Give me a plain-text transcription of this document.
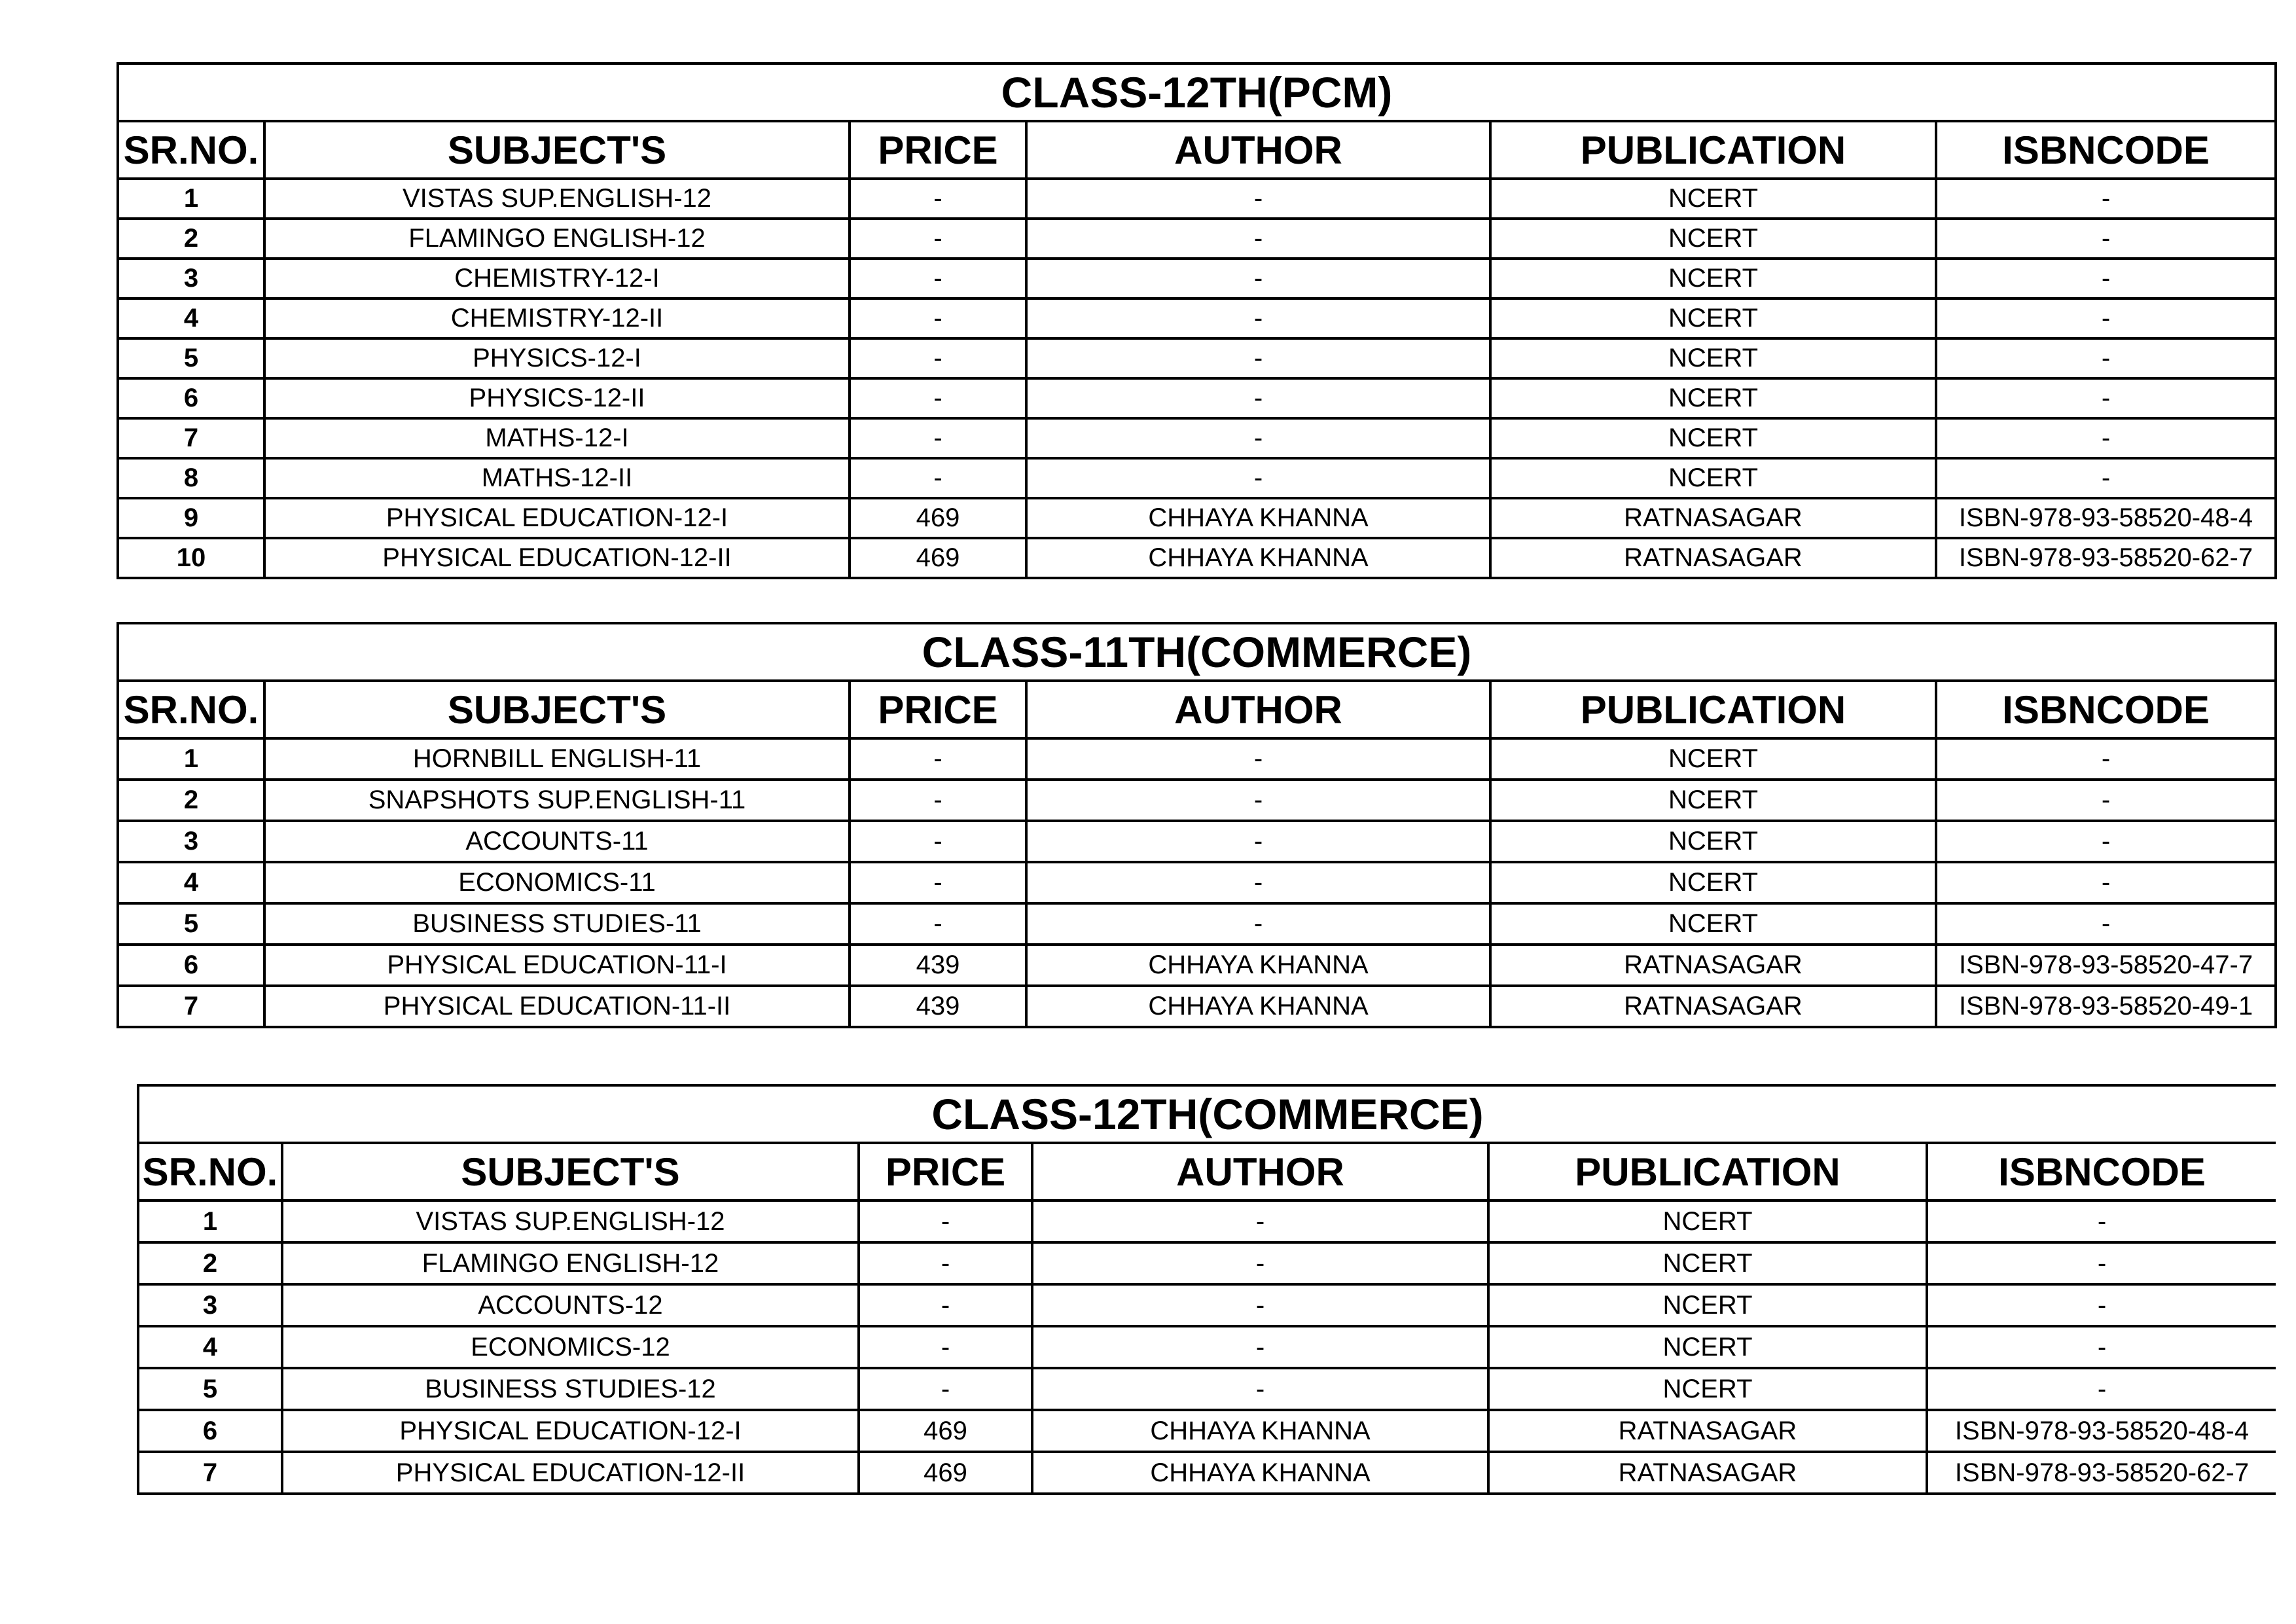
CLASS-12TH(PCM)					
SR.NO.	SUBJECT'S	PRICE	AUTHOR	PUBLICATION	ISBNCODE
1	VISTAS SUP.ENGLISH-12	-	-	NCERT	-
2	FLAMINGO ENGLISH-12	-	-	NCERT	-
3	CHEMISTRY-12-I	-	-	NCERT	-
4	CHEMISTRY-12-II	-	-	NCERT	-
5	PHYSICS-12-I	-	-	NCERT	-
6	PHYSICS-12-II	-	-	NCERT	-
7	MATHS-12-I	-	-	NCERT	-
8	MATHS-12-II	-	-	NCERT	-
9	PHYSICAL EDUCATION-12-I	469	CHHAYA KHANNA	RATNASAGAR	ISBN-978-93-58520-48-4
10	PHYSICAL EDUCATION-12-II	469	CHHAYA KHANNA	RATNASAGAR	ISBN-978-93-58520-62-7
CLASS-11TH(COMMERCE)					
SR.NO.	SUBJECT'S	PRICE	AUTHOR	PUBLICATION	ISBNCODE
1	HORNBILL ENGLISH-11	-	-	NCERT	-
2	SNAPSHOTS SUP.ENGLISH-11	-	-	NCERT	-
3	ACCOUNTS-11	-	-	NCERT	-
4	ECONOMICS-11	-	-	NCERT	-
5	BUSINESS STUDIES-11	-	-	NCERT	-
6	PHYSICAL EDUCATION-11-I	439	CHHAYA KHANNA	RATNASAGAR	ISBN-978-93-58520-47-7
7	PHYSICAL EDUCATION-11-II	439	CHHAYA KHANNA	RATNASAGAR	ISBN-978-93-58520-49-1
CLASS-12TH(COMMERCE)					
SR.NO.	SUBJECT'S	PRICE	AUTHOR	PUBLICATION	ISBNCODE
1	VISTAS SUP.ENGLISH-12	-	-	NCERT	-
2	FLAMINGO ENGLISH-12	-	-	NCERT	-
3	ACCOUNTS-12	-	-	NCERT	-
4	ECONOMICS-12	-	-	NCERT	-
5	BUSINESS STUDIES-12	-	-	NCERT	-
6	PHYSICAL EDUCATION-12-I	469	CHHAYA KHANNA	RATNASAGAR	ISBN-978-93-58520-48-4
7	PHYSICAL EDUCATION-12-II	469	CHHAYA KHANNA	RATNASAGAR	ISBN-978-93-58520-62-7
